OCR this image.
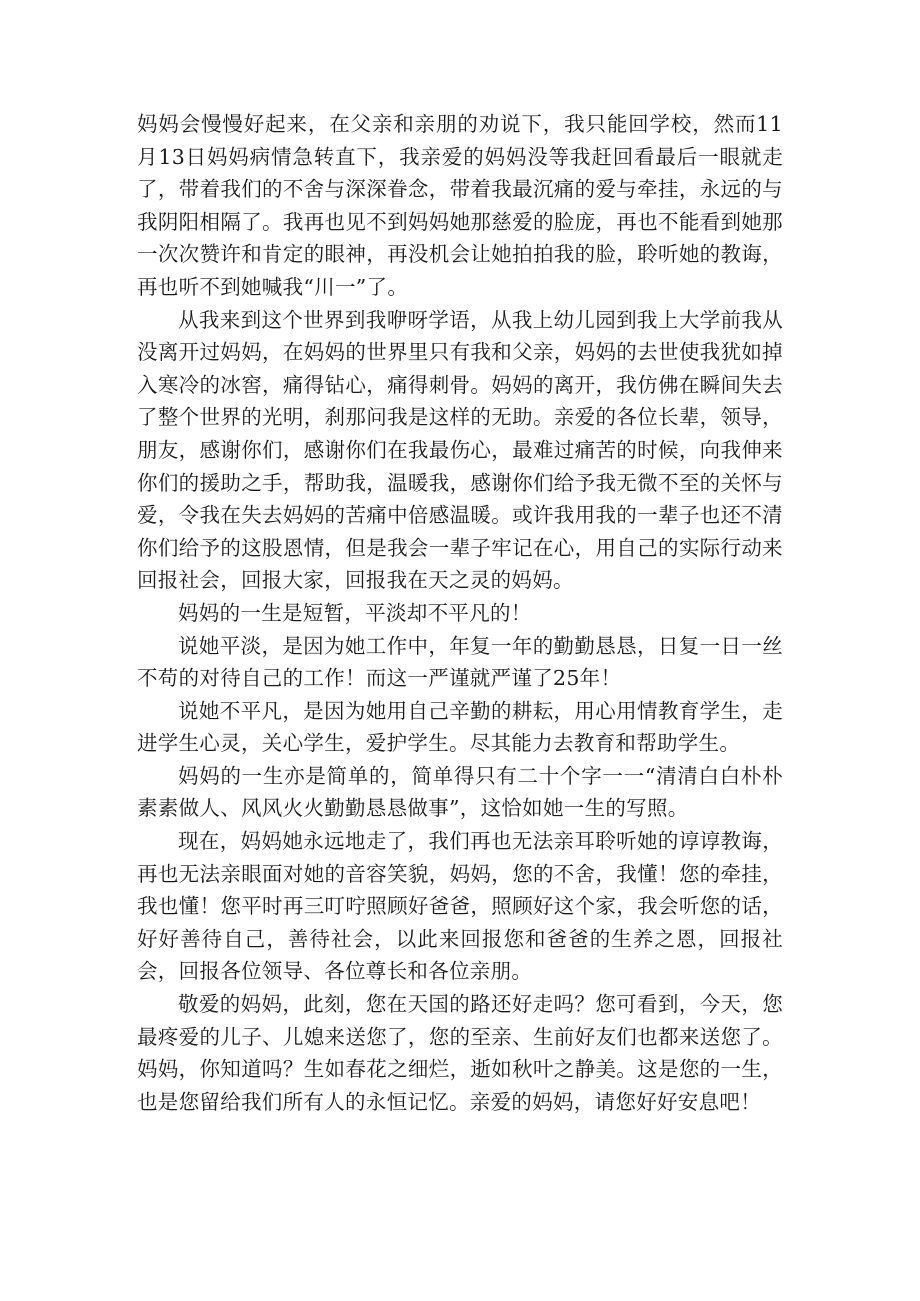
妈妈会慢慢好起来，在父亲和亲朋的劝说下，我只能回学校，然而11月13日妈妈病情急转直下，我亲爱的妈妈没等我赶回看最后一眼就走了，带着我们的不舍与深深眷念，带着我最沉痛的爱与牵挂，永远的与我阴阳相隔了。我再也见不到妈妈她那慈爱的脸庞，再也不能看到她那一次次赞许和肯定的眼神，再没机会让她拍拍我的脸，聆听她的教诲，再也听不到她喊我“川一”了。

从我来到这个世界到我咿呀学语，从我上幼儿园到我上大学前我从没离开过妈妈，在妈妈的世界里只有我和父亲，妈妈的去世使我犹如掉入寒冷的冰窖，痛得钻心，痛得刺骨。妈妈的离开，我仿佛在瞬间失去了整个世界的光明，刹那问我是这样的无助。亲爱的各位长辈，领导，朋友，感谢你们，感谢你们在我最伤心，最难过痛苦的时候，向我伸来你们的援助之手，帮助我，温暖我，感谢你们给予我无微不至的关怀与爱，令我在失去妈妈的苦痛中倍感温暖。或许我用我的一辈子也还不清你们给予的这股恩情，但是我会一辈子牢记在心，用自己的实际行动来回报社会，回报大家，回报我在天之灵的妈妈。

妈妈的一生是短暂，平淡却不平凡的！

说她平淡，是因为她工作中，年复一年的勤勤恳恳，日复一日一丝不苟的对待自己的工作！而这一严谨就严谨了25年！

说她不平凡，是因为她用自己辛勤的耕耘，用心用情教育学生，走进学生心灵，关心学生，爱护学生。尽其能力去教育和帮助学生。

妈妈的一生亦是简单的，简单得只有二十个字一一“清清白白朴朴素素做人、风风火火勤勤恳恳做事”，这恰如她一生的写照。

现在，妈妈她永远地走了，我们再也无法亲耳聆听她的谆谆教诲，再也无法亲眼面对她的音容笑貌，妈妈，您的不舍，我懂！您的牵挂，我也懂！您平时再三叮咛照顾好爸爸，照顾好这个家，我会听您的话，好好善待自己，善待社会，以此来回报您和爸爸的生养之恩，回报社会，回报各位领导、各位尊长和各位亲朋。

敬爱的妈妈，此刻，您在天国的路还好走吗？您可看到，今天，您最疼爱的儿子、儿媳来送您了，您的至亲、生前好友们也都来送您了。妈妈，你知道吗？生如春花之细烂，逝如秋叶之静美。这是您的一生，也是您留给我们所有人的永恒记忆。亲爱的妈妈，请您好好安息吧！
